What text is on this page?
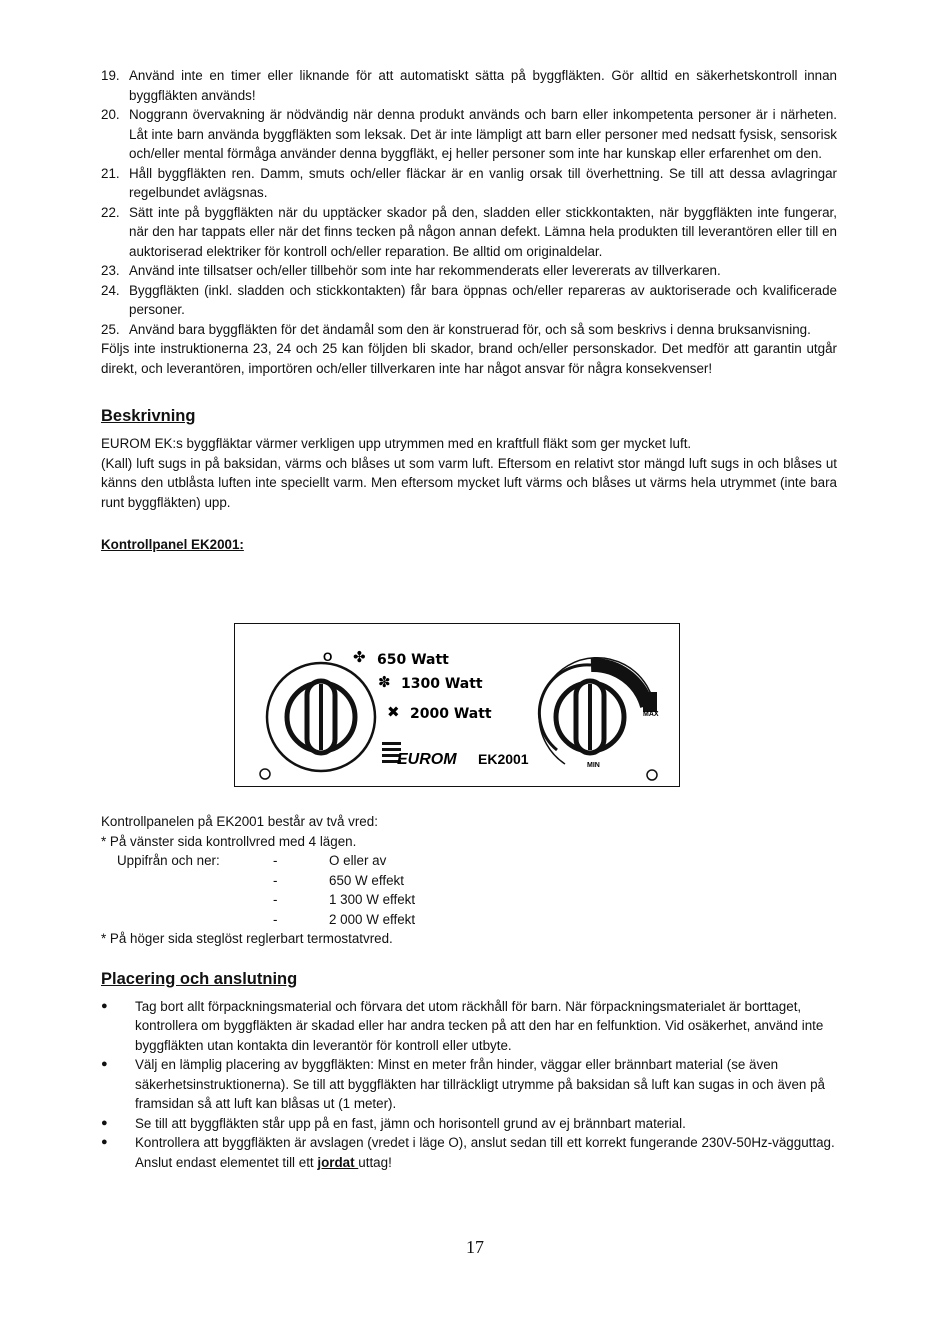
19. Använd inte en timer eller liknande för att automatiskt sätta på byggfläkten. Gör alltid en säkerhetskontroll innan byggfläkten används!
20. Noggrann övervakning är nödvändig när denna produkt används och barn eller inkompetenta personer är i närheten. Låt inte barn använda byggfläkten som leksak. Det är inte lämpligt att barn eller personer med nedsatt fysisk, sensorisk och/eller mental förmåga använder denna byggfläkt, ej heller personer som inte har kunskap eller erfarenhet om den.
21. Håll byggfläkten ren. Damm, smuts och/eller fläckar är en vanlig orsak till överhettning. Se till att dessa avlagringar regelbundet avlägsnas.
22. Sätt inte på byggfläkten när du upptäcker skador på den, sladden eller stickkontakten, när byggfläkten inte fungerar, när den har tappats eller när det finns tecken på någon annan defekt. Lämna hela produkten till leverantören eller till en auktoriserad elektriker för kontroll och/eller reparation. Be alltid om originaldelar.
23. Använd inte tillsatser och/eller tillbehör som inte har rekommenderats eller levererats av tillverkaren.
24. Byggfläkten (inkl. sladden och stickkontakten) får bara öppnas och/eller repareras av auktoriserade och kvalificerade personer.
25. Använd bara byggfläkten för det ändamål som den är konstruerad för, och så som beskrivs i denna bruksanvisning.
Följs inte instruktionerna 23, 24 och 25 kan följden bli skador, brand och/eller personskador. Det medför att garantin utgår direkt, och leverantören, importören och/eller tillverkaren inte har något ansvar för några konsekvenser!
Beskrivning
EUROM EK:s byggfläktar värmer verkligen upp utrymmen med en kraftfull fläkt som ger mycket luft.
(Kall) luft sugs in på baksidan, värms och blåses ut som varm luft. Eftersom en relativt stor mängd luft sugs in och blåses ut känns den utblåsta luften inte speciellt varm. Men eftersom mycket luft värms och blåses ut värms hela utrymmet (inte bara runt byggfläkten) upp.
Kontrollpanel EK2001:
O ✤ 650 Watt
✽ 1300 Watt
✖ 2000 Watt
EUROM EK2001
MAX
MIN
Kontrollpanelen på EK2001 består av två vred:
* På vänster sida kontrollvred med 4 lägen.
Uppifrån och ner:	-	O eller av
-	650 W effekt
-	1 300 W effekt
-	2 000 W effekt
* På höger sida steglöst reglerbart termostatvred.
Placering och anslutning
●	Tag bort allt förpackningsmaterial och förvara det utom räckhåll för barn. När förpackningsmaterialet är borttaget, kontrollera om byggfläkten är skadad eller har andra tecken på att den har en felfunktion. Vid osäkerhet, använd inte byggfläkten utan kontakta din leverantör för kontroll eller utbyte.
●	Välj en lämplig placering av byggfläkten: Minst en meter från hinder, väggar eller brännbart material (se även säkerhetsinstruktionerna). Se till att byggfläkten har tillräckligt utrymme på baksidan så luft kan sugas in och även på framsidan så att luft kan blåsas ut (1 meter).
●	Se till att byggfläkten står upp på en fast, jämn och horisontell grund av ej brännbart material.
●	Kontrollera att byggfläkten är avslagen (vredet i läge O), anslut sedan till ett korrekt fungerande 230V-50Hz-vägguttag. Anslut endast elementet till ett jordat uttag!
17
